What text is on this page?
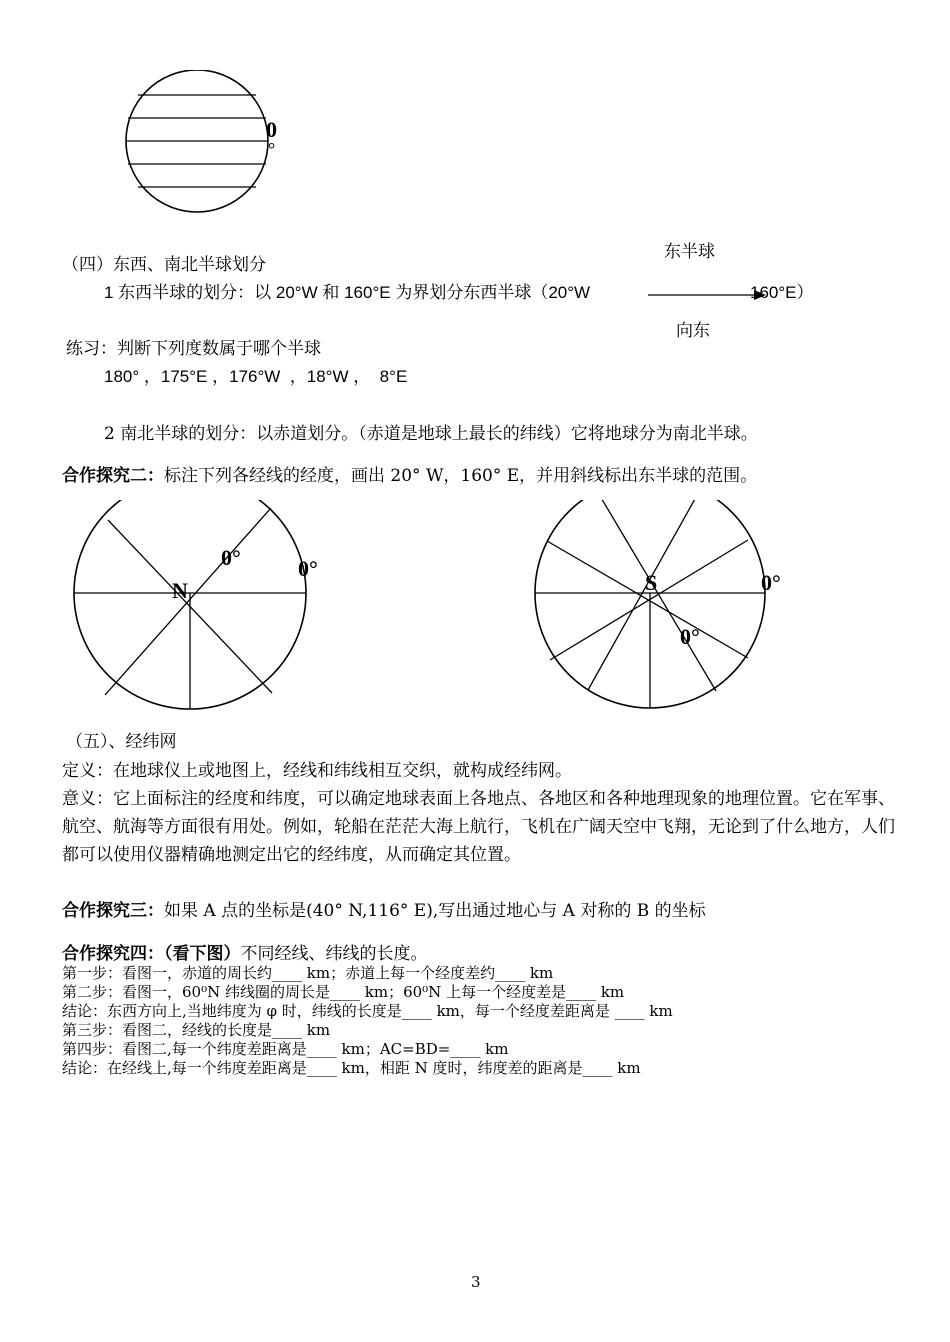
0
°
东半球
（四）东西、南北半球划分
1 东西半球的划分：以 20°W 和 160°E 为界划分东西半球（20°W	160°E）
向东
练习：判断下列度数属于哪个半球
180° ，175°E ，176°W  ，18°W ，  8°E
2 南北半球的划分：以赤道划分。（赤道是地球上最长的纬线）它将地球分为南北半球。
合作探究二：标注下列各经线的经度，画出 20° W，160° E，并用斜线标出东半球的范围。
N
0°	0°
S	0°
0°
（五）、经纬网
定义：在地球仪上或地图上，经线和纬线相互交织，就构成经纬网。
意义：它上面标注的经度和纬度，可以确定地球表面上各地点、各地区和各种地理现象的地理位置。它在军事、航空、航海等方面很有用处。例如，轮船在茫茫大海上航行，飞机在广阔天空中飞翔，无论到了什么地方，人们都可以使用仪器精确地测定出它的经纬度，从而确定其位置。
合作探究三：如果 A 点的坐标是(40° N,116° E),写出通过地心与 A 对称的 B 的坐标
合作探究四：（看下图）不同经线、纬线的长度。
第一步：看图一，赤道的周长约____ km；赤道上每一个经度差约____ km
第二步：看图一，60⁰N 纬线圈的周长是____ km；60⁰N 上每一个经度差是____ km
结论：东西方向上,当地纬度为 φ 时，纬线的长度是____ km，每一个经度差距离是 ____ km
第三步：看图二，经线的长度是____ km
第四步：看图二,每一个纬度差距离是____ km；AC=BD=____ km
结论：在经线上,每一个纬度差距离是____ km，相距 N 度时，纬度差的距离是____ km
3
